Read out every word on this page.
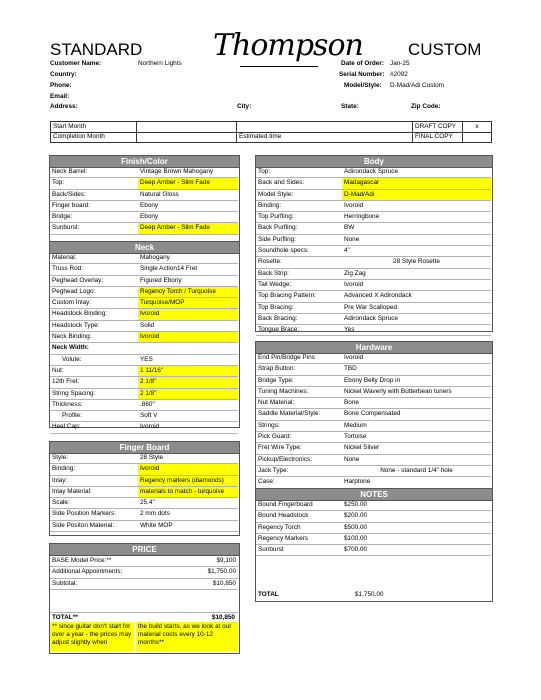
STANDARD Thompson	CUSTOM
Customer Name:	Northern Lights
Country:
Phone:
Email:
Address:	City:	State:	Zip Code:
Date of Order: Jan-25
Serial Number: #2092
Model/Style: D-Mad/Adi Custom
Start Month			DRAFT COPY	x
Completion Month		Estimated time	FINAL COPY	
Finish/Color
Neck Barrel:	Vintage Brown Mahogany
Top:	Deep Amber - Slim Fade
Back/Sides:	Natural Gloss
Finger board:	Ebony
Bridge:	Ebony
Sunburst:	Deep Amber - Slim Fade
Neck
Material:	Mahogany
Truss Rod:	Single Action14 Fret
Peghead Overlay:	Figured Ebony
Peghead Logo:	Regency Torch / Turquoise
Custom Inlay:	Turquoise/MOP
Headstock Binding:	Ivoroid
Headstock Type:	Solid
Neck Binding:	Ivoroid
Neck Width:	
Volute:	YES
Nut:	1 11/16"
12th Fret:	2 1/8"
String Spacing:	2 1/8"
Thickness:	.860"
Profile:	Soft V
Heel Cap:	Ivoroid
Finger Board
Style:	28 Style
Binding:	Ivoroid
Inlay:	Regency markers (diamonds)
Inlay Material:	materials to match - turquoise
Scale:	25.4"
Side Position Markers:	2 mm dots
Side Positon Material:	White MOP
PRICE
BASE Model Price:**	$9,100
Additional Appointments:	$1,750.00
Subtotal:	$10,850
TOTAL**	$10,850
** since guitar don't start for over a year - the prices may adjust slightly when
the build starts, as we look at our material costs every 10-12 months**
Body
Top:	Adirondack Spruce
Back and Sides:	Madagascar
Model Style:	D-Mad/Adi
Binding:	Ivoroid
Top Purfling:	Herringbone
Back Purfling:	BW
Side Purfling:	None
Soundhole specs:	4"
Rosette:	28 Style Rosette
Back Strip:	Zig Zag
Tail Wedge:	Ivoroid
Top Bracing Pattern:	Advanced X Adirondack
Top Bracing:	Pre War Scalloped
Back Bracing:	Adirondack Spruce
Tongue Brace:	Yes
Hardware
End Pin/Bridge Pins	Ivoroid
Strap Button:	TBD
Bridge Type:	Ebony Belly Drop in
Tuning Machines:	Nickel Waverly with Butterbean tuners
Nut Material:	Bone
Saddle Material/Style:	Bone Compensated
Strings:	Medium
Pick Guard:	Tortoise
Fret Wire Type:	Nickel Silver
Pickup/Electronics:	None
Jack Type:	None - standard 1/4" hole
Case:	Harptone
NOTES
Bound Fingerboard	$250.00
Bound Headstock	$200.00
Regency Torch	$500.00
Regency Markers	$100.00
Sunburst	$700.00
TOTAL	$1,750.00
